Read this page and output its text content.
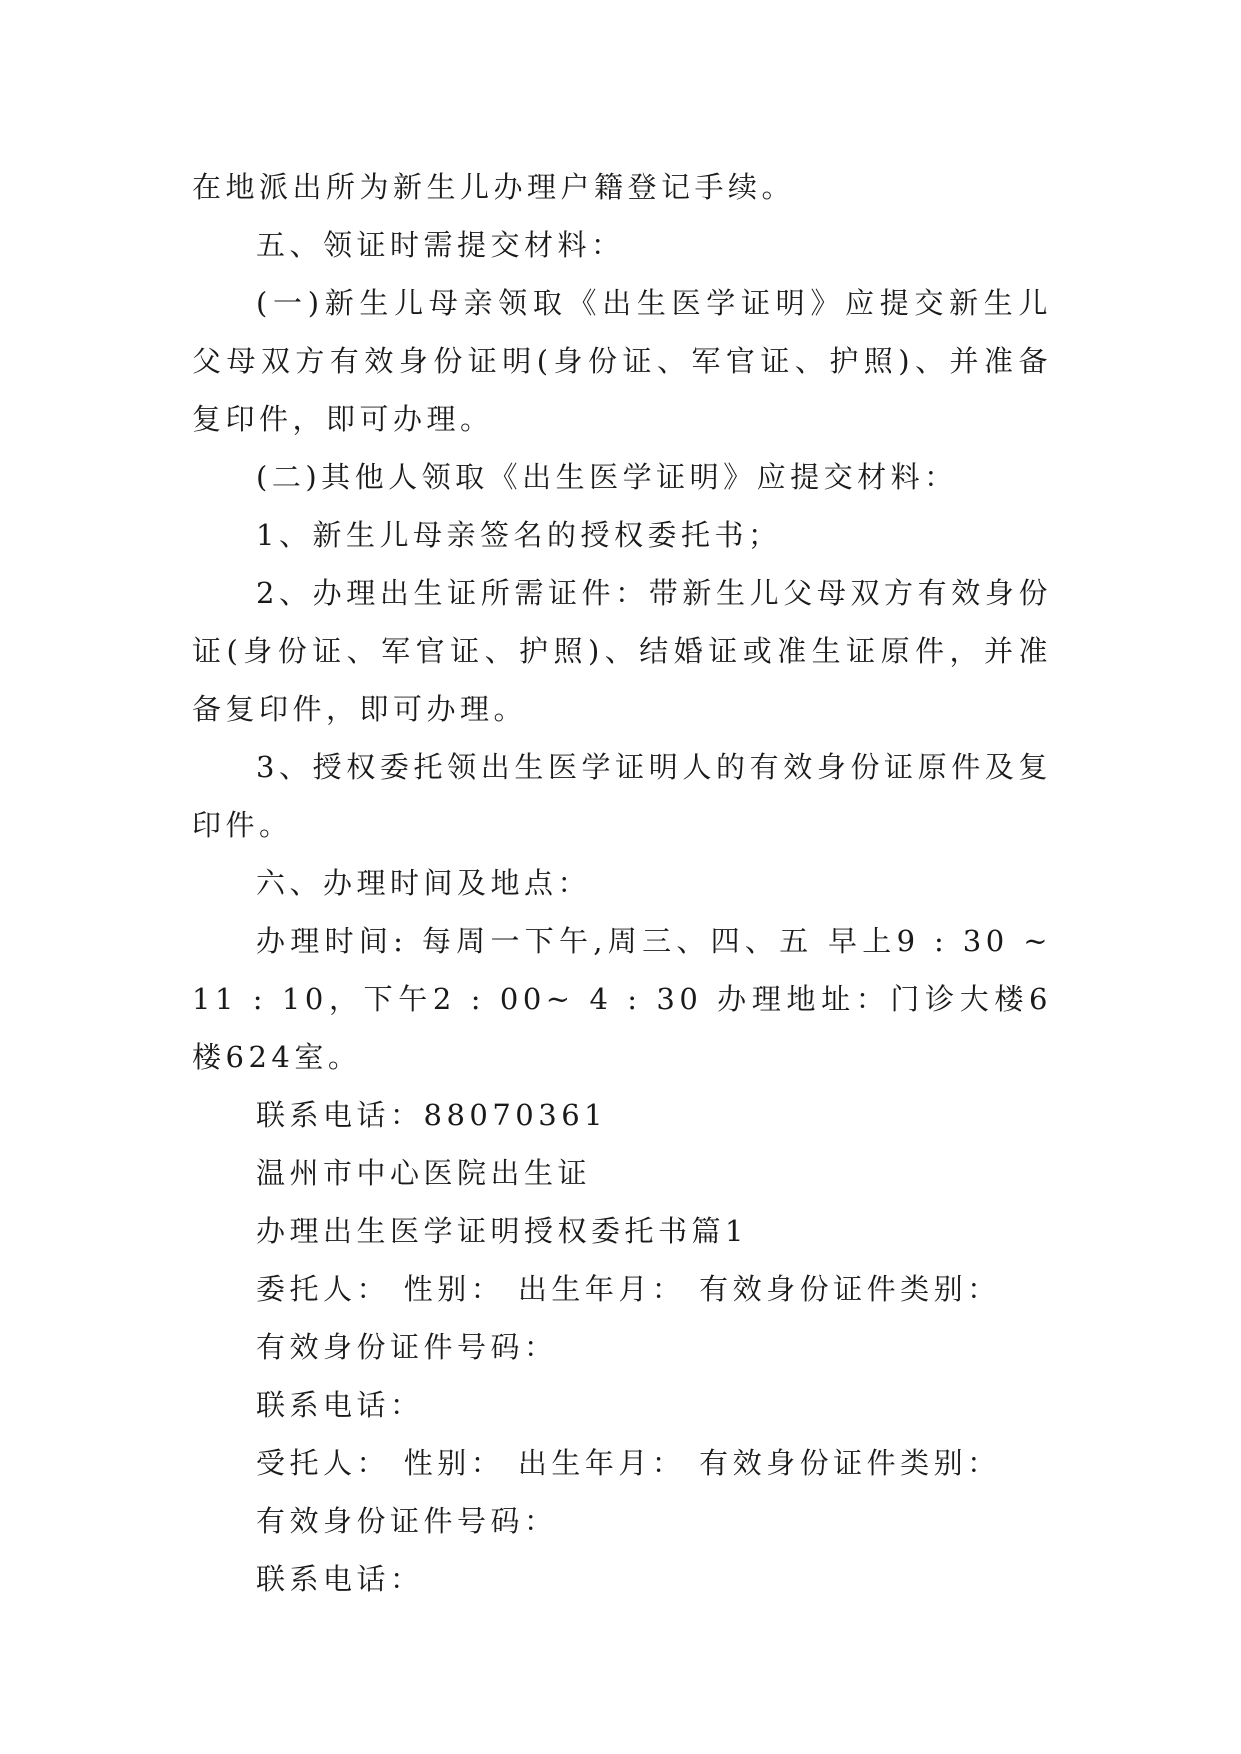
在地派出所为新生儿办理户籍登记手续。

五、领证时需提交材料：

(一)新生儿母亲领取《出生医学证明》应提交新生儿父母双方有效身份证明(身份证、军官证、护照)、并准备复印件，即可办理。

(二)其他人领取《出生医学证明》应提交材料：

1、新生儿母亲签名的授权委托书；

2、办理出生证所需证件：带新生儿父母双方有效身份证(身份证、军官证、护照)、结婚证或准生证原件，并准备复印件，即可办理。

3、授权委托领出生医学证明人的有效身份证原件及复印件。

六、办理时间及地点：

办理时间: 每周一下午,周三、四、五 早上9 : 30 ~ 11 : 10，下午2 : 00~ 4 : 30 办理地址：门诊大楼6楼624室。

联系电话：88070361

温州市中心医院出生证

办理出生医学证明授权委托书篇1

委托人： 性别： 出生年月： 有效身份证件类别：

有效身份证件号码：

联系电话：

受托人： 性别： 出生年月： 有效身份证件类别：

有效身份证件号码：

联系电话：
